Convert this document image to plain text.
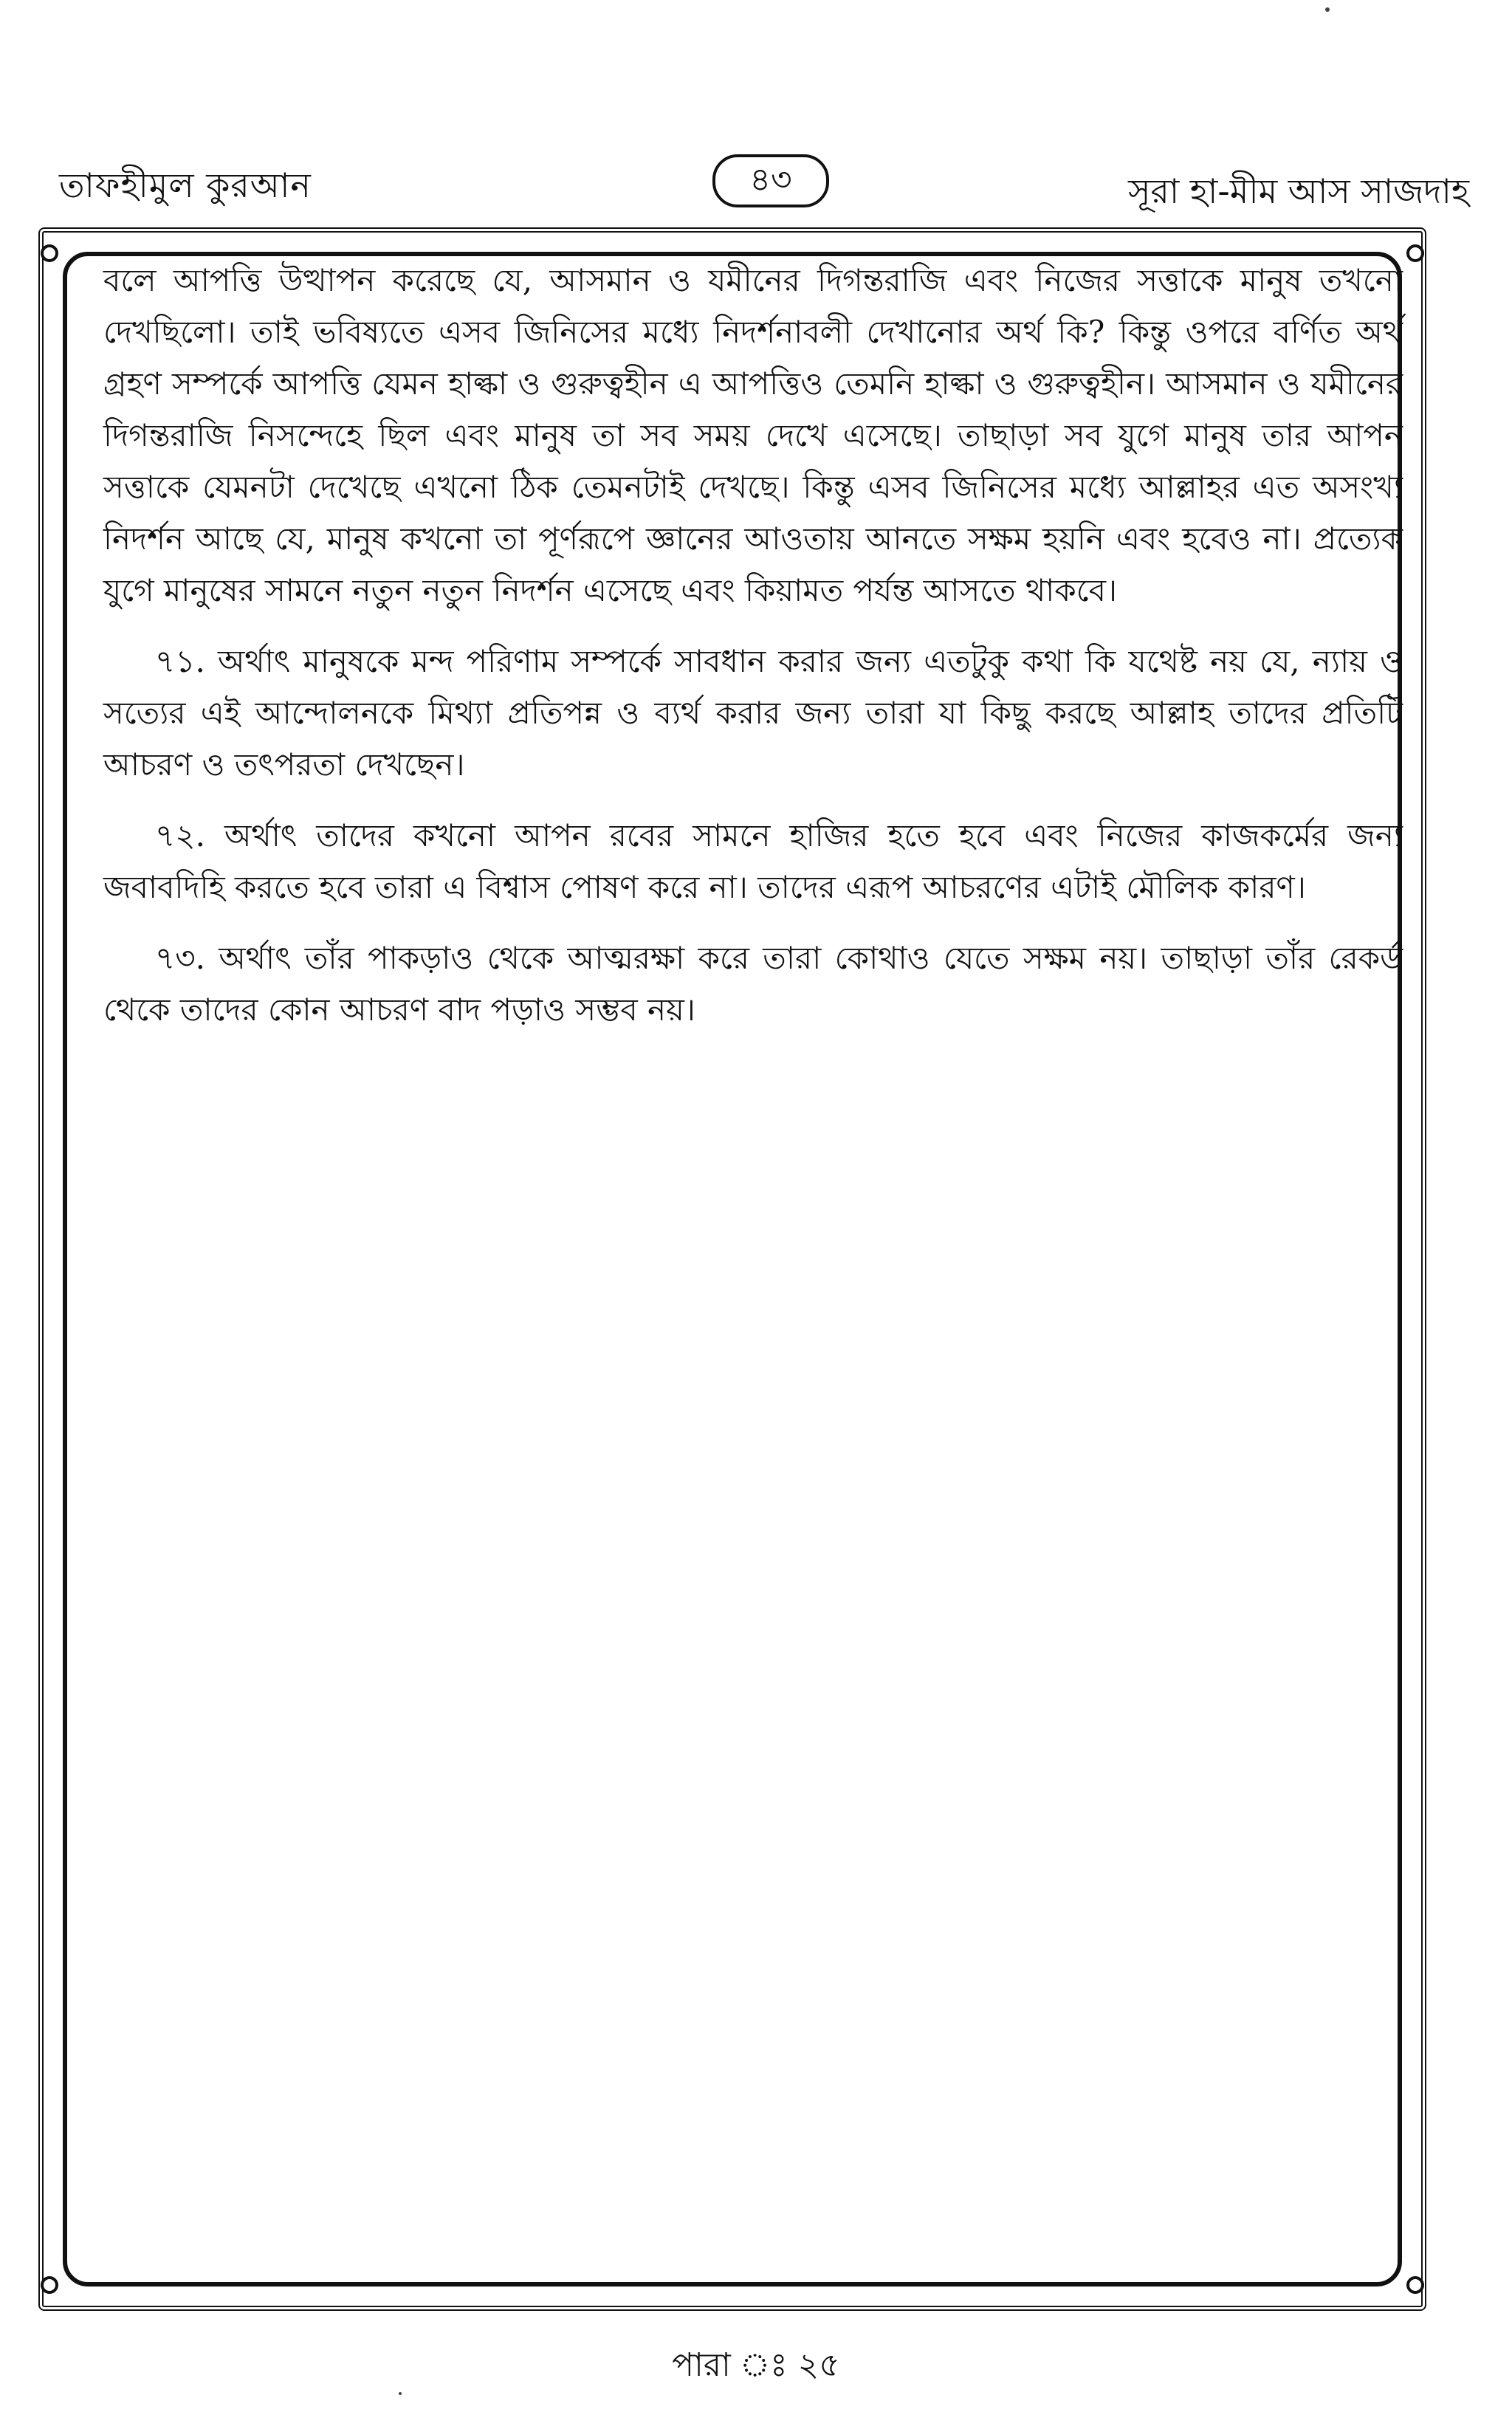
তাফহীমুল কুরআন	৪৩	সূরা হা-মীম আস সাজদাহ

বলে আপত্তি উত্থাপন করেছে যে, আসমান ও যমীনের দিগন্তরাজি এবং নিজের সত্তাকে মানুষ তখনো দেখছিলো। তাই ভবিষ্যতে এসব জিনিসের মধ্যে নিদর্শনাবলী দেখানোর অর্থ কি? কিন্তু ওপরে বর্ণিত অর্থ গ্রহণ সম্পর্কে আপত্তি যেমন হাল্কা ও গুরুত্বহীন এ আপত্তিও তেমনি হাল্কা ও গুরুত্বহীন। আসমান ও যমীনের দিগন্তরাজি নিসন্দেহে ছিল এবং মানুষ তা সব সময় দেখে এসেছে। তাছাড়া সব যুগে মানুষ তার আপন সত্তাকে যেমনটা দেখেছে এখনো ঠিক তেমনটাই দেখছে। কিন্তু এসব জিনিসের মধ্যে আল্লাহর এত অসংখ্য নিদর্শন আছে যে, মানুষ কখনো তা পূর্ণরূপে জ্ঞানের আওতায় আনতে সক্ষম হয়নি এবং হবেও না। প্রত্যেক যুগে মানুষের সামনে নতুন নতুন নিদর্শন এসেছে এবং কিয়ামত পর্যন্ত আসতে থাকবে।

৭১. অর্থাৎ মানুষকে মন্দ পরিণাম সম্পর্কে সাবধান করার জন্য এতটুকু কথা কি যথেষ্ট নয় যে, ন্যায় ও সত্যের এই আন্দোলনকে মিথ্যা প্রতিপন্ন ও ব্যর্থ করার জন্য তারা যা কিছু করছে আল্লাহ তাদের প্রতিটি আচরণ ও তৎপরতা দেখছেন।

৭২. অর্থাৎ তাদের কখনো আপন রবের সামনে হাজির হতে হবে এবং নিজের কাজকর্মের জন্য জবাবদিহি করতে হবে তারা এ বিশ্বাস পোষণ করে না। তাদের এরূপ আচরণের এটাই মৌলিক কারণ।

৭৩. অর্থাৎ তাঁর পাকড়াও থেকে আত্মরক্ষা করে তারা কোথাও যেতে সক্ষম নয়। তাছাড়া তাঁর রেকর্ড থেকে তাদের কোন আচরণ বাদ পড়াও সম্ভব নয়।

পারা ঃ ২৫
